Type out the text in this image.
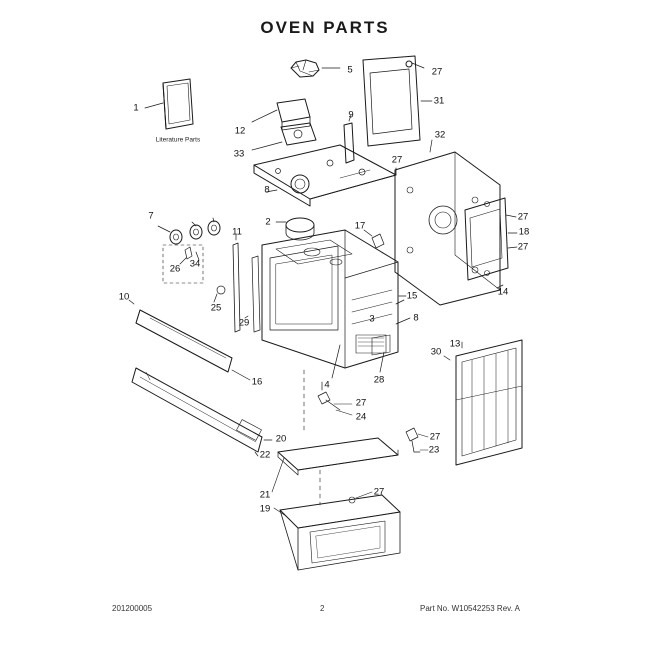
OVEN PARTS
Literature Parts
1
5	27
31
12
9
32
33
27
8
27
7
2	17
18
11
27
26 34
14
25
10	15
29	3	8
30
13
16	4	28
27
24
27
23
20
22
21	27
19
201200005	2	Part No. W10542253 Rev. A
